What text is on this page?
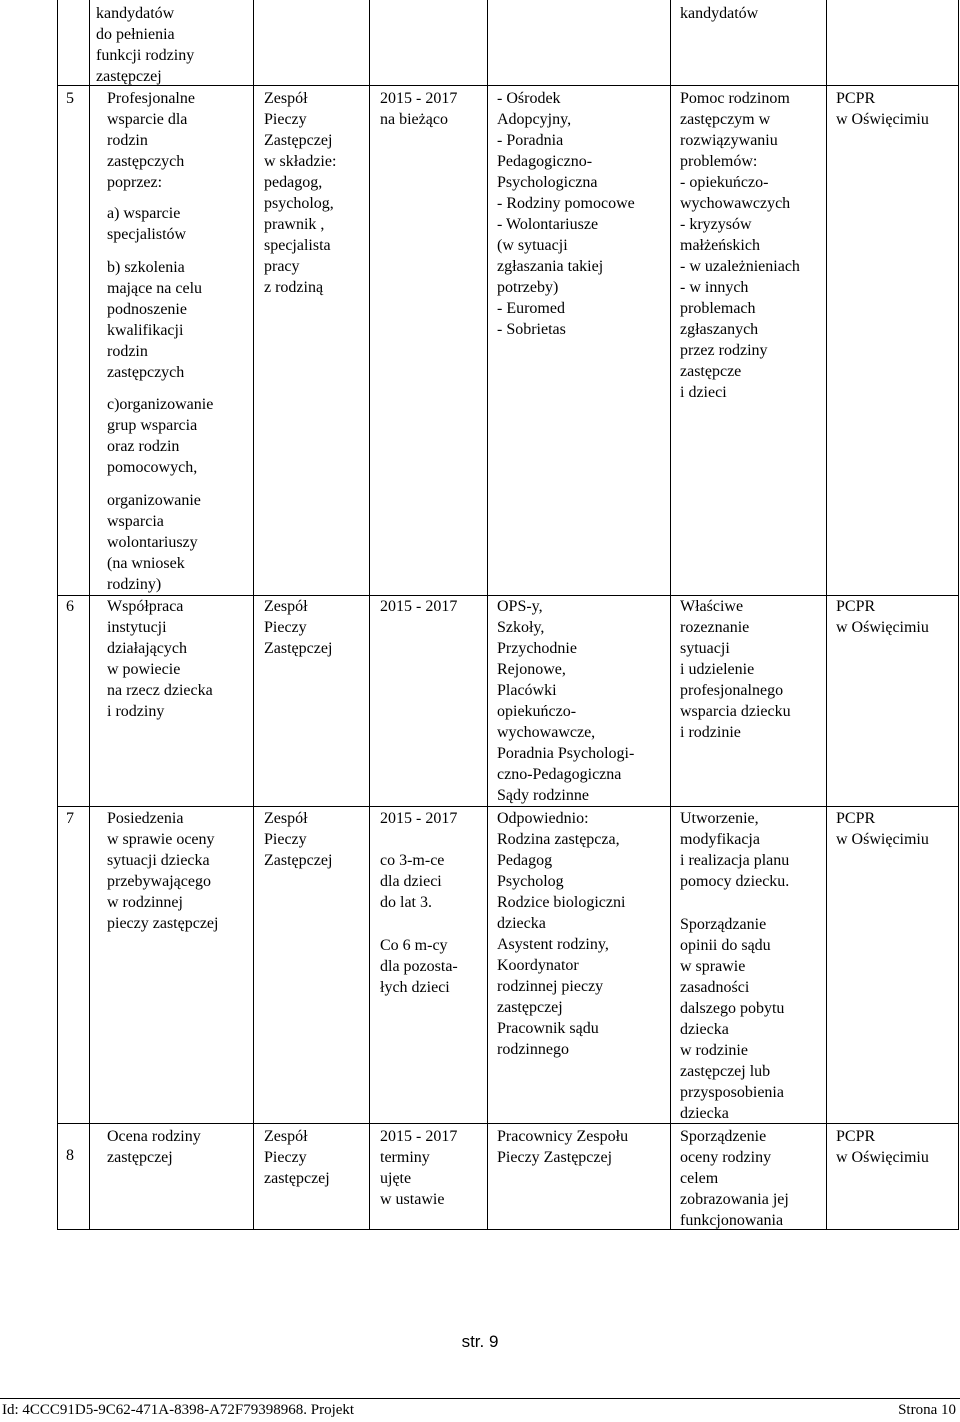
kandydatów
do pełnienia
funkcji rodziny
zastępczej
kandydatów
5 Profesjonalne
wsparcie dla
rodzin
zastępczych
poprzez:
a) wsparcie
specjalistów
b) szkolenia
mające na celu
podnoszenie
kwalifikacji
rodzin
zastępczych
c)organizowanie
grup wsparcia
oraz rodzin
pomocowych,
organizowanie
wsparcia
wolontariuszy
(na wniosek
rodziny)
Zespół
Pieczy
Zastępczej
w składzie:
pedagog,
psycholog,
prawnik ,
specjalista
pracy
z rodziną
2015 - 2017
na bieżąco
- Ośrodek
Adopcyjny,
- Poradnia
Pedagogiczno-
Psychologiczna
- Rodziny pomocowe
- Wolontariusze
(w sytuacji
zgłaszania takiej
potrzeby)
- Euromed
- Sobrietas
Pomoc rodzinom
zastępczym w
rozwiązywaniu
problemów:
- opiekuńczo-
wychowawczych
- kryzysów
małżeńskich
- w uzależnieniach
- w innych
problemach
zgłaszanych
przez rodziny
zastępcze
i dzieci
PCPR
w Oświęcimiu
6 Współpraca
instytucji
działających
w powiecie
na rzecz dziecka
i rodziny
Zespół
Pieczy
Zastępczej
2015 - 2017 OPS-y,
Szkoły,
Przychodnie
Rejonowe,
Placówki
opiekuńczo-
wychowawcze,
Poradnia Psychologi-
czno-Pedagogiczna
Sądy rodzinne
Właściwe
rozeznanie
sytuacji
i udzielenie
profesjonalnego
wsparcia dziecku
i rodzinie
PCPR
w Oświęcimiu
7 Posiedzenia
w sprawie oceny
sytuacji dziecka
przebywającego
w rodzinnej
pieczy zastępczej
Zespół
Pieczy
Zastępczej
2015 - 2017
co 3-m-ce
dla dzieci
do lat 3.
Co 6 m-cy
dla pozosta-
łych dzieci
Odpowiednio:
Rodzina zastępcza,
Pedagog
Psycholog
Rodzice biologiczni
dziecka
Asystent rodziny,
Koordynator
rodzinnej pieczy
zastępczej
Pracownik sądu
rodzinnego
Utworzenie,
modyfikacja
i realizacja planu
pomocy dziecku.
Sporządzanie
opinii do sądu
w sprawie
zasadności
dalszego pobytu
dziecka
w rodzinie
zastępczej lub
przysposobienia
dziecka
PCPR
w Oświęcimiu
8
Ocena rodziny
zastępczej
Zespół
Pieczy
zastępczej
2015 - 2017
terminy
ujęte
w ustawie
Pracownicy Zespołu
Pieczy Zastępczej
Sporządzenie
oceny rodziny
celem
zobrazowania jej
funkcjonowania
PCPR
w Oświęcimiu
str. 9
Id: 4CCC91D5-9C62-471A-8398-A72F79398968. Projekt	Strona 10
